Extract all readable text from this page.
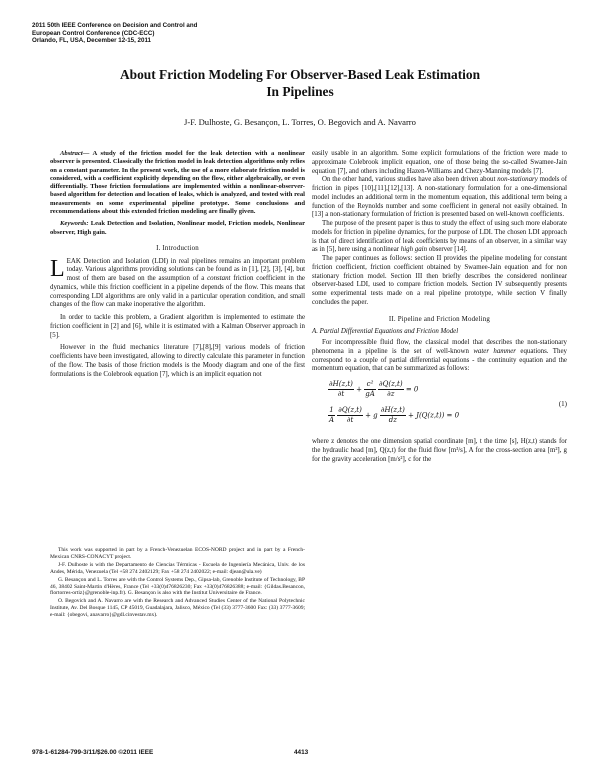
2011 50th IEEE Conference on Decision and Control and
European Control Conference (CDC-ECC)
Orlando, FL, USA, December 12-15, 2011
About Friction Modeling For Observer-Based Leak Estimation
In Pipelines
J-F. Dulhoste, G. Besançon, L. Torres, O. Begovich and A. Navarro

Abstract— A study of the friction model for the leak detection with a nonlinear observer is presented. Classically the friction model in leak detection algorithms only relies on a constant parameter. In the present work, the use of a more elaborate friction model is considered, with a coefficient explicitly depending on the flow, either algebraically, or even differentially. Those friction formulations are implemented within a nonlinear-observer-based algorithm for detection and location of leaks, which is analyzed, and tested with real measurements on some experimental pipeline prototype. Some conclusions and recommendations about this extended friction modeling are finally given.

Keywords: Leak Detection and Isolation, Nonlinear model, Friction models, Nonlinear observer, High gain.

I. Introduction

LEAK Detection and Isolation (LDI) in real pipelines remains an important problem today. Various algorithms providing solutions can be found as in [1], [2], [3], [4], but most of them are based on the assumption of a constant friction coefficient in the dynamics, while this friction coefficient in a pipeline depends of the flow. This means that corresponding LDI algorithms are only valid in a particular operation condition, and small changes of the flow can make inoperative the algorithm.

In order to tackle this problem, a Gradient algorithm is implemented to estimate the friction coefficient in [2] and [6], while it is estimated with a Kalman Observer approach in [5].

However in the fluid mechanics literature [7],[8],[9] various models of friction coefficients have been investigated, allowing to directly calculate this parameter in function of the flow. The basis of those friction models is the Moody diagram and one of the first formulations is the Colebrook equation [7], which is an implicit equation not

This work was supported in part by a French-Venezuelan ECOS-NORD project and in part by a French-Mexican CNRS-CONACYT project.

J-F. Dulhoste is with the Departamento de Ciencias Térmicas - Escuela de Ingeniería Mecánica, Univ. de los Andes, Mérida, Venezuela (Tel +58 274 2402129; Fax +58 274 2402022; e-mail: djean@ula.ve)

G. Besançon and L. Torres are with the Control Systems Dep., Gipsa-lab, Grenoble Institute of Technology, BP 46, 38402 Saint-Martin d'Hères, France (Tel +33(0)476826230; Fax +33(0)476826388; e-mail: {Gildas.Besancon, flortorres-ortiz}@grenoble-inp.fr). G. Besançon is also with the Institut Universitaire de France.

O. Begovich and A. Navarro are with the Research and Advanced Studies Center of the National Polytechnic Institute, Av. Del Bosque 1145, CP 45019, Guadalajara, Jalisco, México (Tel (33) 3777-3600 Fax: (33) 3777-3609; e-mail: {obegovi, anavarro}@gdl.cinvestav.mx).

easily usable in an algorithm. Some explicit formulations of the friction were made to approximate Colebrook implicit equation, one of those being the so-called Swamee-Jain equation [7], and others including Hazen-Williams and Chezy-Manning models [7].

On the other hand, various studies have also been driven about non-stationary models of friction in pipes [10],[11],[12],[13]. A non-stationary formulation for a one-dimensional model includes an additional term in the momentum equation, this additional term being a function of the Reynolds number and some coefficient in general not easily obtained. In [13] a non-stationary formulation of friction is presented based on well-known coefficients.

The purpose of the present paper is thus to study the effect of using such more elaborate models for friction in pipeline dynamics, for the purpose of LDI. The chosen LDI approach is that of direct identification of leak coefficients by means of an observer, in a similar way as in [5], here using a nonlinear high gain observer [14].

The paper continues as follows: section II provides the pipeline modeling for constant friction coefficient, friction coefficient obtained by Swamee-Jain equation and for non stationary friction model. Section III then briefly describes the considered nonlinear observer-based LDI, used to compare friction models. Section IV subsequently presents some experimental tests made on a real pipeline prototype, while section V finally concludes the paper.

II. Pipeline and Friction Modeling
A. Partial Differential Equations and Friction Model

For incompressible fluid flow, the classical model that describes the non-stationary phenomena in a pipeline is the set of well-known water hammer equations. They correspond to a couple of partial differential equations - the continuity equation and the momentum equation, that can be summarized as follows:

$\frac{\partial H(z,t)}{\partial t} + \frac{\text{c²}}{gA}$
$\frac{\partial Q(z,t)}{\partial z} = 0$
$\frac{1}{A}$
$\frac{\partial Q(z,t)}{\partial t} + g \frac{\partial H(z,t)}{dz} + J(Q(z,t)) = 0$
(1)

where z denotes the one dimension spatial coordinate [m], t the time [s], H(z,t) stands for the hydraulic head [m], Q(z,t) for the fluid flow [m³/s], A for the cross-section area [m²], g for the gravity acceleration [m/s²], c for the

978-1-61284-799-3/11/$26.00 ©2011 IEEE	4413
